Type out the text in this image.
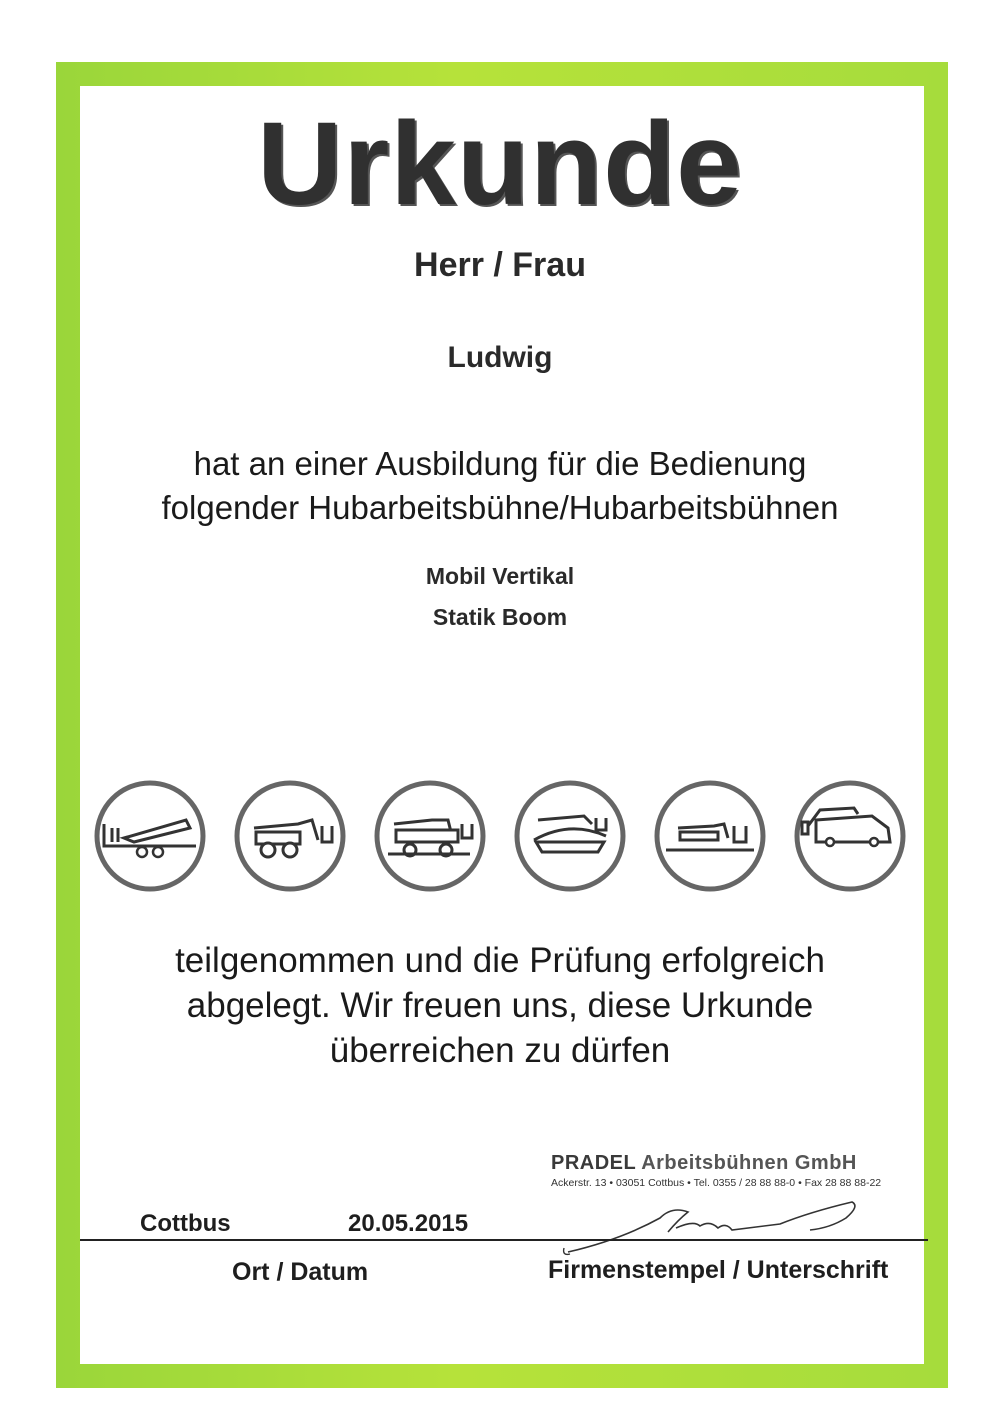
Urkunde

Herr / Frau

Ludwig

hat an einer Ausbildung für die Bedienung
folgender Hubarbeitsbühne/Hubarbeitsbühnen

Mobil Vertikal

Statik Boom

teilgenommen und die Prüfung erfolgreich
abgelegt. Wir freuen uns, diese Urkunde
überreichen zu dürfen

PRADEL Arbeitsbühnen GmbH

Ackerstr. 13 • 03051 Cottbus • Tel. 0355 / 28 88 88-0 • Fax 28 88 88-22

Cottbus	20.05.2015

Ort / Datum	Firmenstempel / Unterschrift
